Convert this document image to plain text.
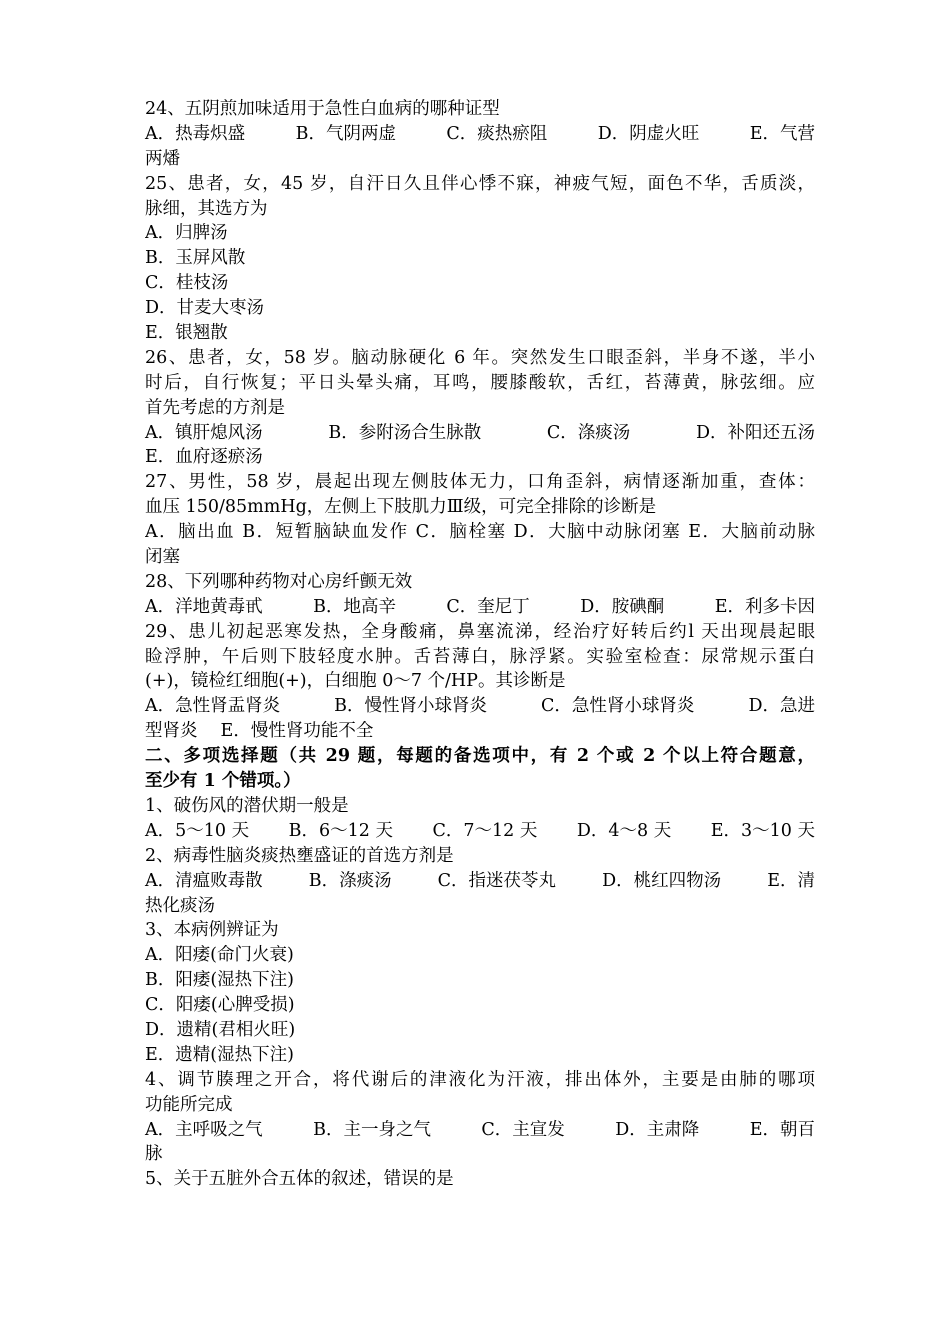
24、五阴煎加味适用于急性白血病的哪种证型
A．热毒炽盛	B．气阴两虚	C．痰热瘀阻	D．阴虚火旺	E．气营
两燔
25、患者，女，45 岁，自汗日久且伴心悸不寐，神疲气短，面色不华，舌质淡，
脉细，其选方为
A．归脾汤
B．玉屏风散
C．桂枝汤
D．甘麦大枣汤
E．银翘散
26、患者，女，58 岁。脑动脉硬化 6 年。突然发生口眼歪斜，半身不遂，半小
时后，自行恢复；平日头晕头痛，耳鸣，腰膝酸软，舌红，苔薄黄，脉弦细。应
首先考虑的方剂是
A．镇肝熄风汤	B．参附汤合生脉散	C．涤痰汤	D．补阳还五汤
E．血府逐瘀汤
27、男性，58 岁，晨起出现左侧肢体无力，口角歪斜，病情逐渐加重，查体：
血压 150/85mmHg，左侧上下肢肌力Ⅲ级，可完全排除的诊断是
A．脑出血 B．短暂脑缺血发作 C．脑栓塞 D．大脑中动脉闭塞 E．大脑前动脉
闭塞
28、下列哪种药物对心房纤颤无效
A．洋地黄毒甙	B．地高辛	C．奎尼丁	D．胺碘酮	E．利多卡因
29、患儿初起恶寒发热，全身酸痛，鼻塞流涕，经治疗好转后约l 天出现晨起眼
睑浮肿，午后则下肢轻度水肿。舌苔薄白，脉浮紧。实验室检查：尿常规示蛋白
(+)，镜检红细胞(+)，白细胞 0～7 个/HP。其诊断是
A．急性肾盂肾炎	B．慢性肾小球肾炎	C．急性肾小球肾炎	D．急进
型肾炎　 E．慢性肾功能不全
二、多项选择题（共 29 题，每题的备选项中，有 2 个或 2 个以上符合题意，
至少有 1 个错项。）
1、破伤风的潜伏期一般是
A．5～10 天 B．6～12 天 C．7～12 天 D．4～8 天 E．3～10 天
2、病毒性脑炎痰热壅盛证的首选方剂是
A．清瘟败毒散	B．涤痰汤	C．指迷茯苓丸	D．桃红四物汤	E．清
热化痰汤
3、本病例辨证为
A．阳痿(命门火衰)
B．阳痿(湿热下注)
C．阳痿(心脾受损)
D．遗精(君相火旺)
E．遗精(湿热下注)
4、调节腠理之开合，将代谢后的津液化为汗液，排出体外，主要是由肺的哪项
功能所完成
A．主呼吸之气	B．主一身之气	C．主宣发	D．主肃降	E．朝百
脉
5、关于五脏外合五体的叙述，错误的是
